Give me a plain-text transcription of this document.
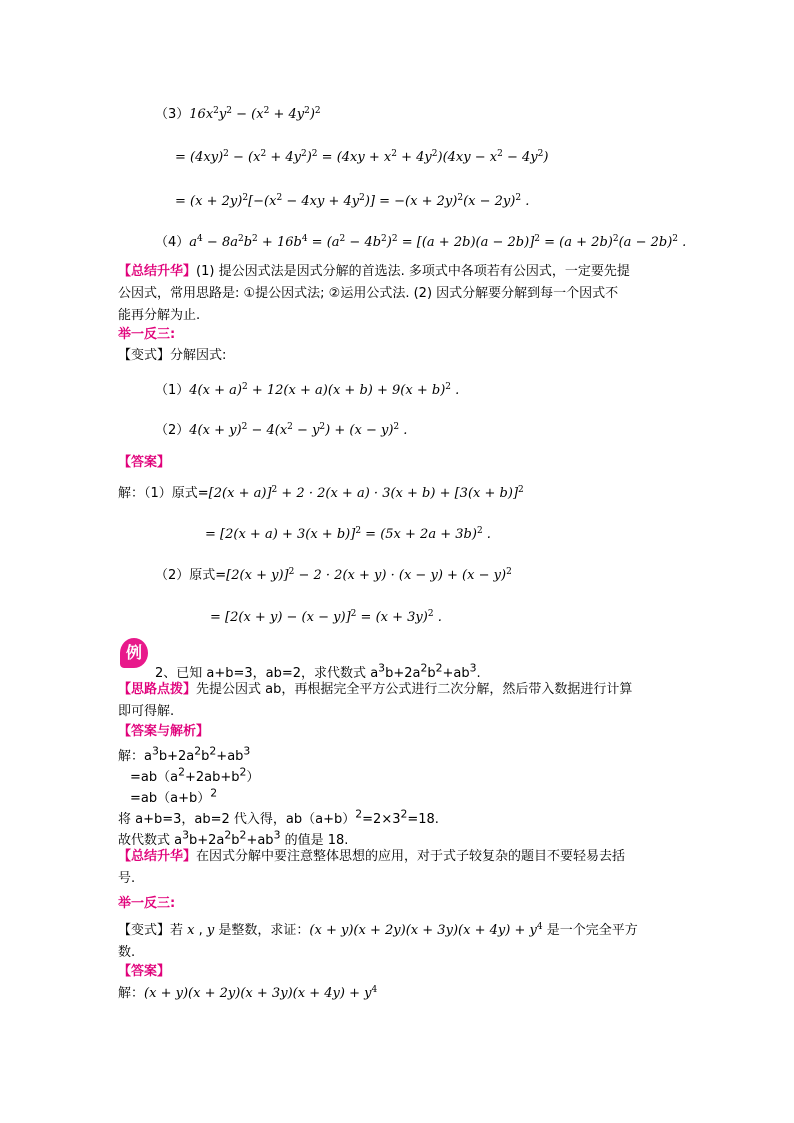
例
$(3)16x^2y^2 - (x^2 + 4y^2)^2$
= $(4xy)^2 - (x^2 + 4y^2)^2 = (4xy + x^2 + 4y^2)(4xy - x^2 - 4y^2)$
= $(x + 2y)^2[-(x^2 - 4xy + 4y^2)] = -(x + 2y)^2(x - 2y)^2$ .
$(4)a^4 - 8a^2b^2 + 16b^4 = (a^2 - 4b^2)^2 = [(a + 2b)(a - 2b)]^2 = (a + 2b)^2(a - 2b)^2$ .
【总结升华】(1) 提公因式法是因式分解的首选法. 多项式中各项若有公因式，一定要先提
公因式，常用思路是: ①提公因式法; ②运用公式法. (2) 因式分解要分解到每一个因式不
能再分解为止.
举一反三:
【变式】分解因式:
$(1)4(x + a)^2 + 12(x + a)(x + b) + 9(x + b)^2$ .
$(2)4(x + y)^2 - 4(x^2 - y^2) + (x - y)^2$ .
【答案】
解：（1）原式$=[2(x + a)]^2 + 2 \cdot 2(x + a) \cdot 3(x + b) + [3(x + b)]^2$
= $[2(x + a) + 3(x + b)]^2 = (5x + 2a + 3b)^2$ .
（2）原式$=[2(x + y)]^2 - 2 \cdot 2(x + y) \cdot (x - y) + (x - y)^2$
= $[2(x + y) - (x - y)]^2 = (x + 3y)^2$ .
2、已知 a+b=3，ab=2，求代数式 $a^3b+2a^2b^2+ab^3$.
【思路点拨】先提公因式 ab，再根据完全平方公式进行二次分解，然后带入数据进行计算
即可得解.
【答案与解析】
解：$a^3b+2a^2b^2+ab^3$
$=ab(a^2+2ab+b^2)$
$=ab(a+b)^2$
将 a+b=3，ab=2 代入得，$ab(a+b)^2=2\times 3^2=18$.
故代数式 $a^3b+2a^2b^2+ab^3$ 的值是 18.
【总结升华】在因式分解中要注意整体思想的应用，对于式子较复杂的题目不要轻易去括
号.
举一反三:
【变式】若 x , y 是整数，求证：$(x + y)(x + 2y)(x + 3y)(x + 4y) + y^4$ 是一个完全平方
数.
【答案】
解：$(x + y)(x + 2y)(x + 3y)(x + 4y) + y^4$
